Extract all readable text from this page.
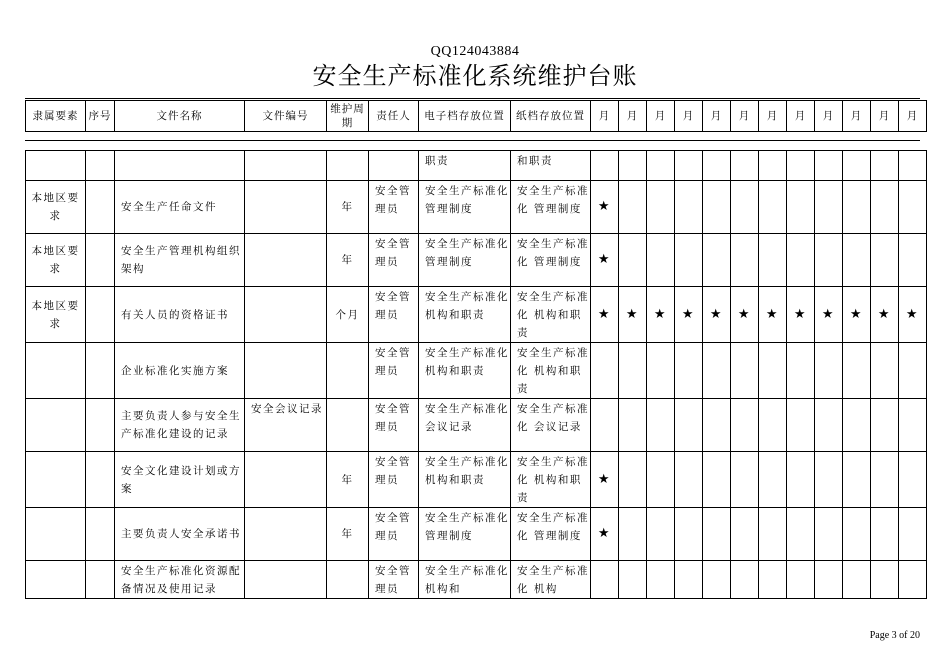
QQ124043884
安全生产标准化系统维护台账
隶属要素	序号	文件名称	文件编号	维护周期	责任人	电子档存放位置	纸档存放位置	月	月	月	月	月	月	月	月	月	月	月	月
						职责	和职责												
本地区要求		安全生产任命文件		年	安全管理员	安全生产标准化 管理制度	安全生产标准化 管理制度	★											
本地区要求		安全生产管理机构组织架构		年	安全管理员	安全生产标准化 管理制度	安全生产标准化 管理制度	★											
本地区要求		有关人员的资格证书		个月	安全管理员	安全生产标准化 机构和职责	安全生产标准化 机构和职责	★	★	★	★	★	★	★	★	★	★	★	★
		企业标准化实施方案			安全管理员	安全生产标准化 机构和职责	安全生产标准化 机构和职责												
		主要负责人参与安全生产标准化建设的记录	安全会议记录		安全管理员	安全生产标准化 会议记录	安全生产标准化 会议记录												
		安全文化建设计划或方案		年	安全管理员	安全生产标准化 机构和职责	安全生产标准化 机构和职责	★											
		主要负责人安全承诺书		年	安全管理员	安全生产标准化 管理制度	安全生产标准化 管理制度	★											
		安全生产标准化资源配备情况及使用记录			安全管理员	安全生产标准化 机构和	安全生产标准化 机构												
Page 3 of 20
